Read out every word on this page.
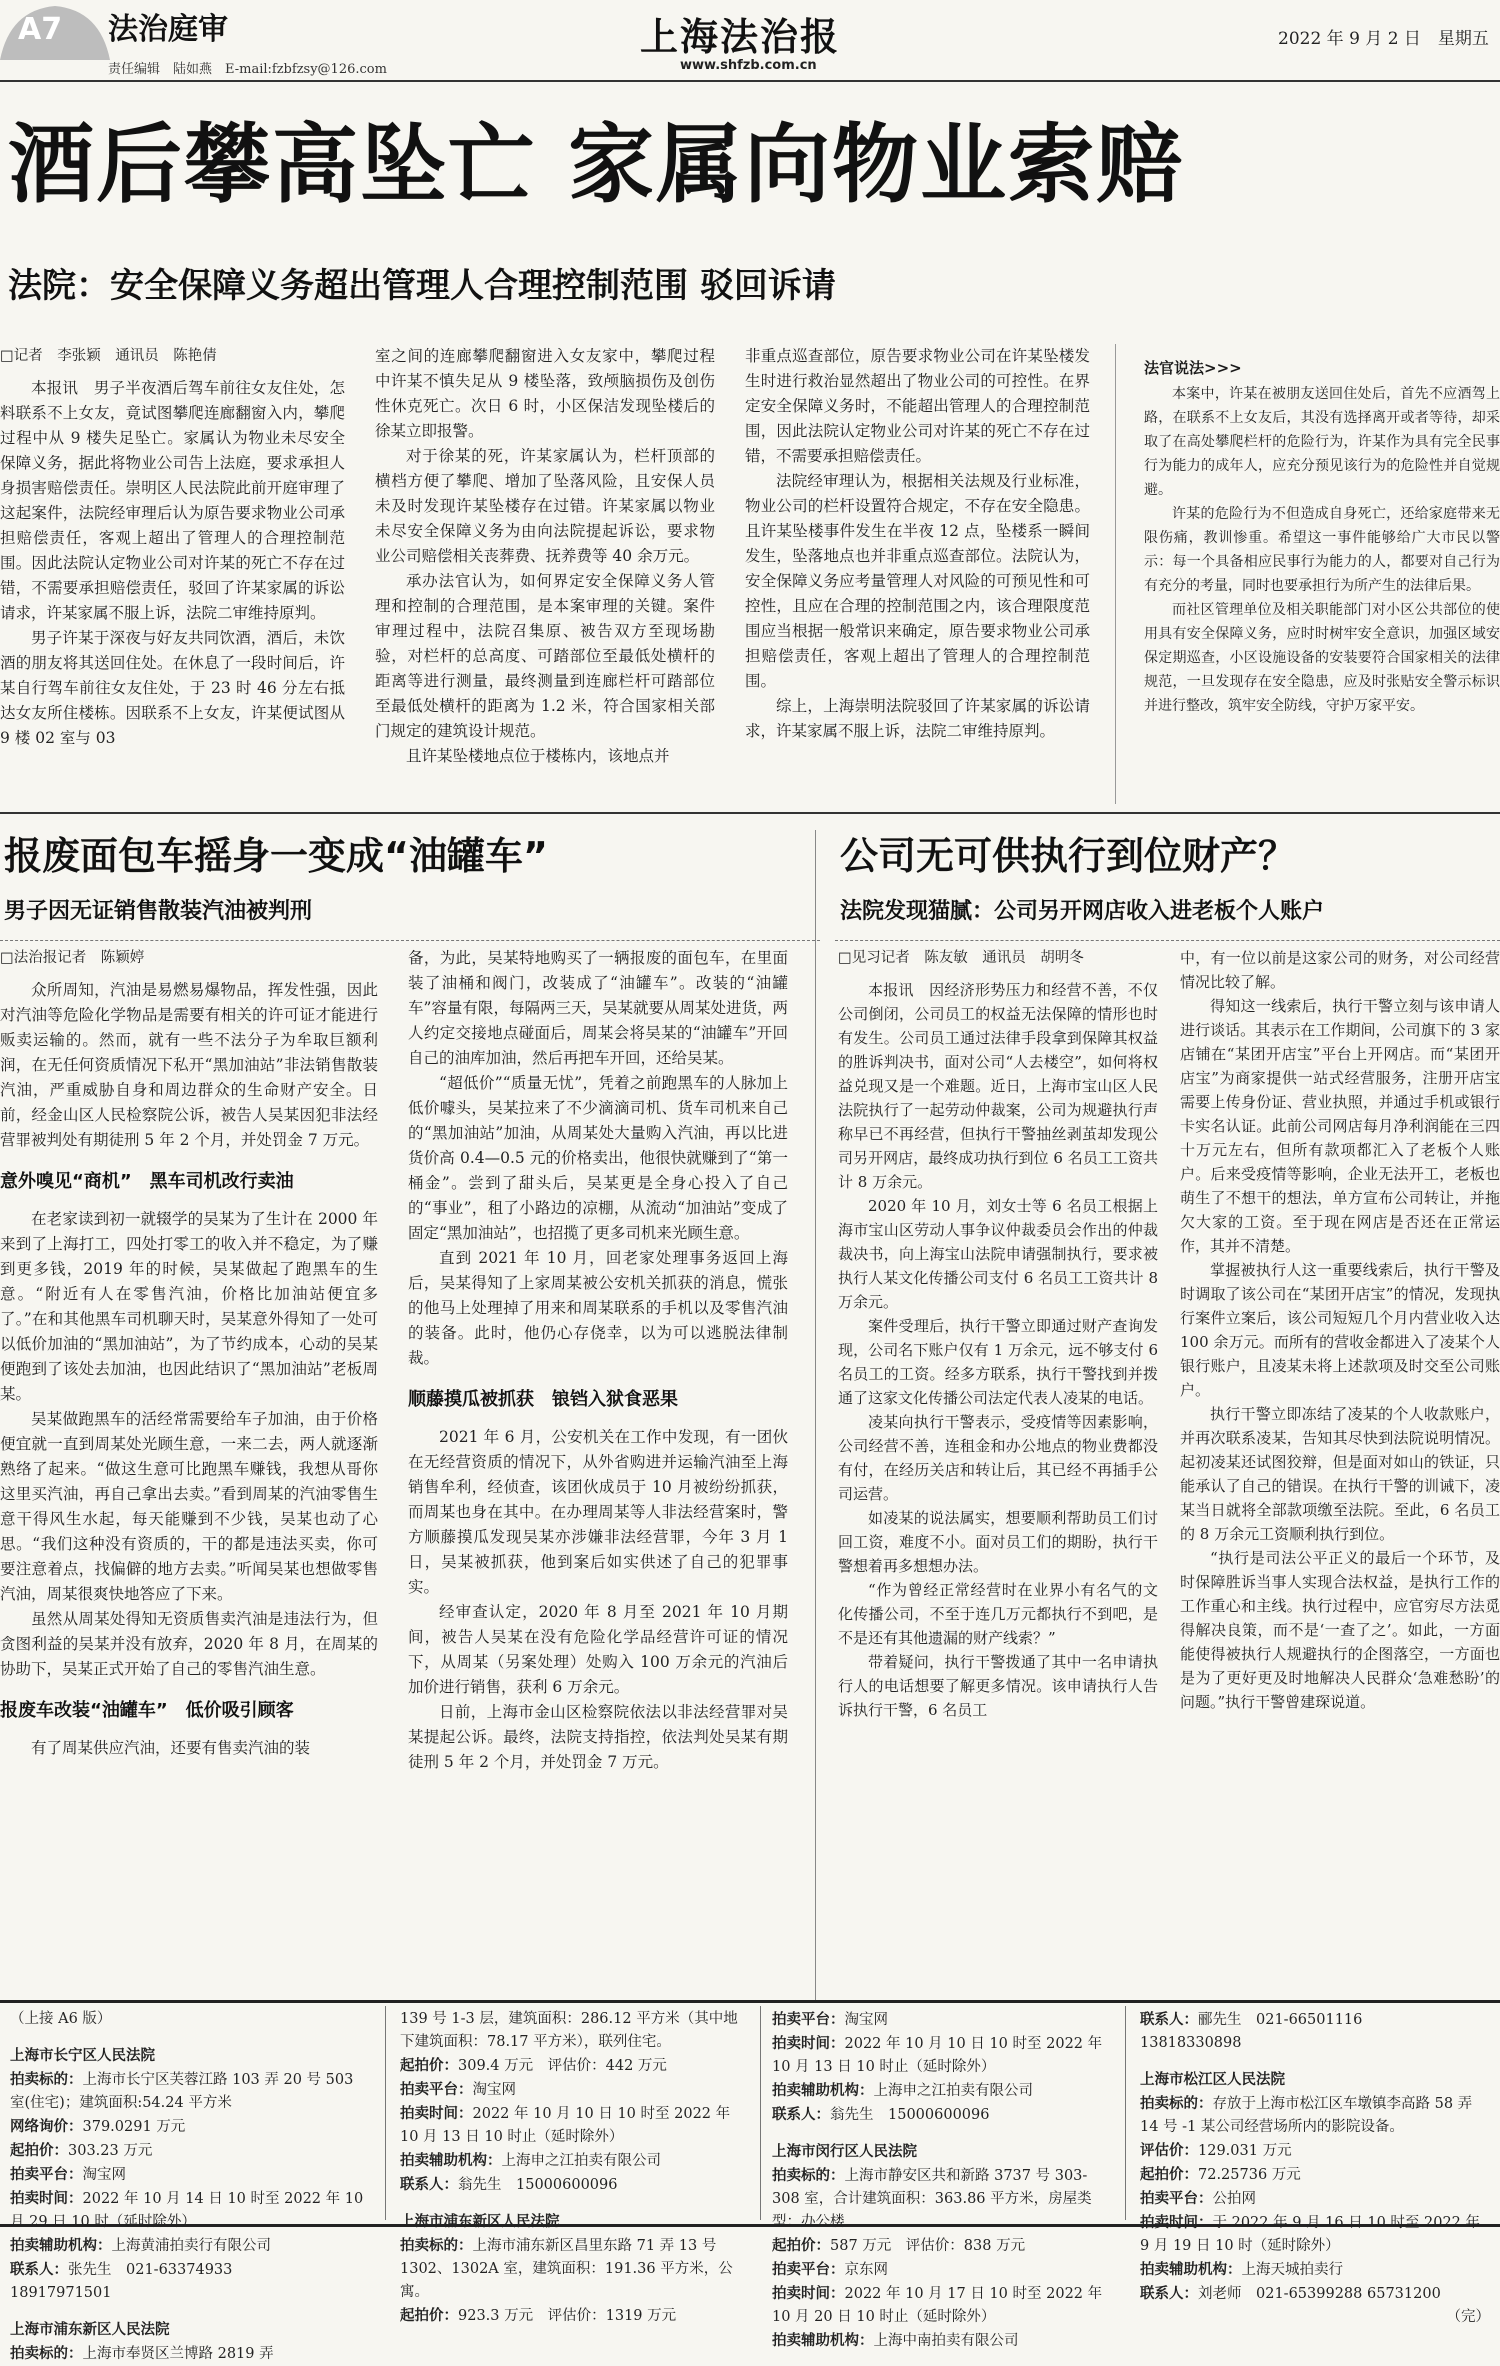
A7 法治庭审
责任编辑　陆如燕　E-mail:fzbfzsy@126.com
上海法治报
www.shfzb.com.cn
2022 年 9 月 2 日　星期五
酒后攀高坠亡 家属向物业索赔
法院：安全保障义务超出管理人合理控制范围 驳回诉请

□记者　李张颖　通讯员　陈艳倩

本报讯　男子半夜酒后驾车前往女友住处，怎料联系不上女友，竟试图攀爬连廊翻窗入内，攀爬过程中从 9 楼失足坠亡。家属认为物业未尽安全保障义务，据此将物业公司告上法庭，要求承担人身损害赔偿责任。崇明区人民法院此前开庭审理了这起案件，法院经审理后认为原告要求物业公司承担赔偿责任，客观上超出了管理人的合理控制范围。因此法院认定物业公司对许某的死亡不存在过错，不需要承担赔偿责任，驳回了许某家属的诉讼请求，许某家属不服上诉，法院二审维持原判。

男子许某于深夜与好友共同饮酒，酒后，未饮酒的朋友将其送回住处。在休息了一段时间后，许某自行驾车前往女友住处，于 23 时 46 分左右抵达女友所住楼栋。因联系不上女友，许某便试图从 9 楼 02 室与 03

室之间的连廊攀爬翻窗进入女友家中，攀爬过程中许某不慎失足从 9 楼坠落，致颅脑损伤及创伤性休克死亡。次日 6 时，小区保洁发现坠楼后的徐某立即报警。

对于徐某的死，许某家属认为，栏杆顶部的横档方便了攀爬、增加了坠落风险，且安保人员未及时发现许某坠楼存在过错。许某家属以物业未尽安全保障义务为由向法院提起诉讼，要求物业公司赔偿相关丧葬费、抚养费等 40 余万元。

承办法官认为，如何界定安全保障义务人管理和控制的合理范围，是本案审理的关键。案件审理过程中，法院召集原、被告双方至现场勘验，对栏杆的总高度、可踏部位至最低处横杆的距离等进行测量，最终测量到连廊栏杆可踏部位至最低处横杆的距离为 1.2 米，符合国家相关部门规定的建筑设计规范。

且许某坠楼地点位于楼栋内，该地点并

非重点巡查部位，原告要求物业公司在许某坠楼发生时进行救治显然超出了物业公司的可控性。在界定安全保障义务时，不能超出管理人的合理控制范围，因此法院认定物业公司对许某的死亡不存在过错，不需要承担赔偿责任。

法院经审理认为，根据相关法规及行业标准，物业公司的栏杆设置符合规定，不存在安全隐患。且许某坠楼事件发生在半夜 12 点，坠楼系一瞬间发生，坠落地点也并非重点巡查部位。法院认为，安全保障义务应考量管理人对风险的可预见性和可控性，且应在合理的控制范围之内，该合理限度范围应当根据一般常识来确定，原告要求物业公司承担赔偿责任，客观上超出了管理人的合理控制范围。

综上，上海崇明法院驳回了许某家属的诉讼请求，许某家属不服上诉，法院二审维持原判。

法官说法>>>

本案中，许某在被朋友送回住处后，首先不应酒驾上路，在联系不上女友后，其没有选择离开或者等待，却采取了在高处攀爬栏杆的危险行为，许某作为具有完全民事行为能力的成年人，应充分预见该行为的危险性并自觉规避。

许某的危险行为不但造成自身死亡，还给家庭带来无限伤痛，教训惨重。希望这一事件能够给广大市民以警示：每一个具备相应民事行为能力的人，都要对自己行为有充分的考量，同时也要承担行为所产生的法律后果。

而社区管理单位及相关职能部门对小区公共部位的使用具有安全保障义务，应时时树牢安全意识，加强区域安保定期巡查，小区设施设备的安装要符合国家相关的法律规范，一旦发现存在安全隐患，应及时张贴安全警示标识并进行整改，筑牢安全防线，守护万家平安。

报废面包车摇身一变成“油罐车”
男子因无证销售散装汽油被判刑

□法治报记者　陈颖婷

众所周知，汽油是易燃易爆物品，挥发性强，因此对汽油等危险化学物品是需要有相关的许可证才能进行贩卖运输的。然而，就有一些不法分子为牟取巨额利润，在无任何资质情况下私开“黑加油站”非法销售散装汽油，严重威胁自身和周边群众的生命财产安全。日前，经金山区人民检察院公诉，被告人吴某因犯非法经营罪被判处有期徒刑 5 年 2 个月，并处罚金 7 万元。

意外嗅见“商机”　黑车司机改行卖油

在老家读到初一就辍学的吴某为了生计在 2000 年来到了上海打工，四处打零工的收入并不稳定，为了赚到更多钱，2019 年的时候，吴某做起了跑黑车的生意。“附近有人在零售汽油，价格比加油站便宜多了。”在和其他黑车司机聊天时，吴某意外得知了一处可以低价加油的“黑加油站”，为了节约成本，心动的吴某便跑到了该处去加油，也因此结识了“黑加油站”老板周某。

吴某做跑黑车的活经常需要给车子加油，由于价格便宜就一直到周某处光顾生意，一来二去，两人就逐渐熟络了起来。“做这生意可比跑黑车赚钱，我想从哥你这里买汽油，再自己拿出去卖。”看到周某的汽油零售生意干得风生水起，每天能赚到不少钱，吴某也动了心思。“我们这种没有资质的，干的都是违法买卖，你可要注意着点，找偏僻的地方去卖。”听闻吴某也想做零售汽油，周某很爽快地答应了下来。

虽然从周某处得知无资质售卖汽油是违法行为，但贪图利益的吴某并没有放弃，2020 年 8 月，在周某的协助下，吴某正式开始了自己的零售汽油生意。

报废车改装“油罐车”　低价吸引顾客

有了周某供应汽油，还要有售卖汽油的装

备，为此，吴某特地购买了一辆报废的面包车，在里面装了油桶和阀门，改装成了“油罐车”。改装的“油罐车”容量有限，每隔两三天，吴某就要从周某处进货，两人约定交接地点碰面后，周某会将吴某的“油罐车”开回自己的油库加油，然后再把车开回，还给吴某。

“超低价”“质量无忧”，凭着之前跑黑车的人脉加上低价噱头，吴某拉来了不少滴滴司机、货车司机来自己的“黑加油站”加油，从周某处大量购入汽油，再以比进货价高 0.4—0.5 元的价格卖出，他很快就赚到了“第一桶金”。尝到了甜头后，吴某更是全身心投入了自己的“事业”，租了小路边的凉棚，从流动“加油站”变成了固定“黑加油站”，也招揽了更多司机来光顾生意。

直到 2021 年 10 月，回老家处理事务返回上海后，吴某得知了上家周某被公安机关抓获的消息，慌张的他马上处理掉了用来和周某联系的手机以及零售汽油的装备。此时，他仍心存侥幸，以为可以逃脱法律制裁。

顺藤摸瓜被抓获　锒铛入狱食恶果

2021 年 6 月，公安机关在工作中发现，有一团伙在无经营资质的情况下，从外省购进并运输汽油至上海销售牟利，经侦查，该团伙成员于 10 月被纷纷抓获，而周某也身在其中。在办理周某等人非法经营案时，警方顺藤摸瓜发现吴某亦涉嫌非法经营罪，今年 3 月 1 日，吴某被抓获，他到案后如实供述了自己的犯罪事实。

经审查认定，2020 年 8 月至 2021 年 10 月期间，被告人吴某在没有危险化学品经营许可证的情况下，从周某（另案处理）处购入 100 万余元的汽油后加价进行销售，获利 6 万余元。

日前，上海市金山区检察院依法以非法经营罪对吴某提起公诉。最终，法院支持指控，依法判处吴某有期徒刑 5 年 2 个月，并处罚金 7 万元。

公司无可供执行到位财产？
法院发现猫腻：公司另开网店收入进老板个人账户

□见习记者　陈友敏　通讯员　胡明冬

本报讯　因经济形势压力和经营不善，不仅公司倒闭，公司员工的权益无法保障的情形也时有发生。公司员工通过法律手段拿到保障其权益的胜诉判决书，面对公司“人去楼空”，如何将权益兑现又是一个难题。近日，上海市宝山区人民法院执行了一起劳动仲裁案，公司为规避执行声称早已不再经营，但执行干警抽丝剥茧却发现公司另开网店，最终成功执行到位 6 名员工工资共计 8 万余元。

2020 年 10 月，刘女士等 6 名员工根据上海市宝山区劳动人事争议仲裁委员会作出的仲裁裁决书，向上海宝山法院申请强制执行，要求被执行人某文化传播公司支付 6 名员工工资共计 8 万余元。

案件受理后，执行干警立即通过财产查询发现，公司名下账户仅有 1 万余元，远不够支付 6 名员工的工资。经多方联系，执行干警找到并拨通了这家文化传播公司法定代表人凌某的电话。

凌某向执行干警表示，受疫情等因素影响，公司经营不善，连租金和办公地点的物业费都没有付，在经历关店和转让后，其已经不再插手公司运营。

如凌某的说法属实，想要顺利帮助员工们讨回工资，难度不小。面对员工们的期盼，执行干警想着再多想想办法。

“作为曾经正常经营时在业界小有名气的文化传播公司，不至于连几万元都执行不到吧，是不是还有其他遗漏的财产线索？”

带着疑问，执行干警拨通了其中一名申请执行人的电话想要了解更多情况。该申请执行人告诉执行干警，6 名员工

中，有一位以前是这家公司的财务，对公司经营情况比较了解。

得知这一线索后，执行干警立刻与该申请人进行谈话。其表示在工作期间，公司旗下的 3 家店铺在“某团开店宝”平台上开网店。而“某团开店宝”为商家提供一站式经营服务，注册开店宝需要上传身份证、营业执照，并通过手机或银行卡实名认证。此前公司网店每月净利润能在三四十万元左右，但所有款项都汇入了老板个人账户。后来受疫情等影响，企业无法开工，老板也萌生了不想干的想法，单方宣布公司转让，并拖欠大家的工资。至于现在网店是否还在正常运作，其并不清楚。

掌握被执行人这一重要线索后，执行干警及时调取了该公司在“某团开店宝”的情况，发现执行案件立案后，该公司短短几个月内营业收入达 100 余万元。而所有的营收金都进入了凌某个人银行账户，且凌某未将上述款项及时交至公司账户。

执行干警立即冻结了凌某的个人收款账户，并再次联系凌某，告知其尽快到法院说明情况。起初凌某还试图狡辩，但是面对如山的铁证，只能承认了自己的错误。在执行干警的训诫下，凌某当日就将全部款项缴至法院。至此，6 名员工的 8 万余元工资顺利执行到位。

“执行是司法公平正义的最后一个环节，及时保障胜诉当事人实现合法权益，是执行工作的工作重心和主线。执行过程中，应官穷尽方法觅得解决良策，而不是‘一查了之’。如此，一方面能使得被执行人规避执行的企图落空，一方面也是为了更好更及时地解决人民群众‘急难愁盼’的问题。”执行干警曾建琛说道。

（上接 A6 版）
上海市长宁区人民法院
拍卖标的：上海市长宁区芙蓉江路 103 弄 20 号 503 室(住宅)；建筑面积:54.24 平方米
网络询价：379.0291 万元
起拍价：303.23 万元
拍卖平台：淘宝网
拍卖时间：2022 年 10 月 14 日 10 时至 2022 年 10 月 29 日 10 时（延时除外）
拍卖辅助机构：上海黄浦拍卖行有限公司
联系人：张先生　021-63374933　　　　　18917971501
上海市浦东新区人民法院
拍卖标的：上海市奉贤区兰博路 2819 弄
139 号 1-3 层，建筑面积：286.12 平方米（其中地下建筑面积：78.17 平方米），联列住宅。
起拍价：309.4 万元　评估价：442 万元
拍卖平台：淘宝网
拍卖时间：2022 年 10 月 10 日 10 时至 2022 年 10 月 13 日 10 时止（延时除外）
拍卖辅助机构：上海申之江拍卖有限公司
联系人：翁先生　15000600096
上海市浦东新区人民法院
拍卖标的：上海市浦东新区昌里东路 71 弄 13 号 1302、1302A 室，建筑面积：191.36 平方米，公寓。
起拍价：923.3 万元　评估价：1319 万元
拍卖平台：淘宝网
拍卖时间：2022 年 10 月 10 日 10 时至 2022 年 10 月 13 日 10 时止（延时除外）
拍卖辅助机构：上海申之江拍卖有限公司
联系人：翁先生　15000600096
上海市闵行区人民法院
拍卖标的：上海市静安区共和新路 3737 号 303-308 室，合计建筑面积：363.86 平方米，房屋类型：办公楼
起拍价：587 万元　评估价：838 万元
拍卖平台：京东网
拍卖时间：2022 年 10 月 17 日 10 时至 2022 年 10 月 20 日 10 时止（延时除外）
拍卖辅助机构：上海中南拍卖有限公司
联系人：郦先生　021-66501116　　　　　13818330898
上海市松江区人民法院
拍卖标的：存放于上海市松江区车墩镇李高路 58 弄 14 号 -1 某公司经营场所内的影院设备。
评估价：129.031 万元
起拍价：72.25736 万元
拍卖平台：公拍网
拍卖时间：于 2022 年 9 月 16 日 10 时至 2022 年 9 月 19 日 10 时（延时除外）
拍卖辅助机构：上海天城拍卖行
联系人：刘老师　021-65399288 65731200
（完）
